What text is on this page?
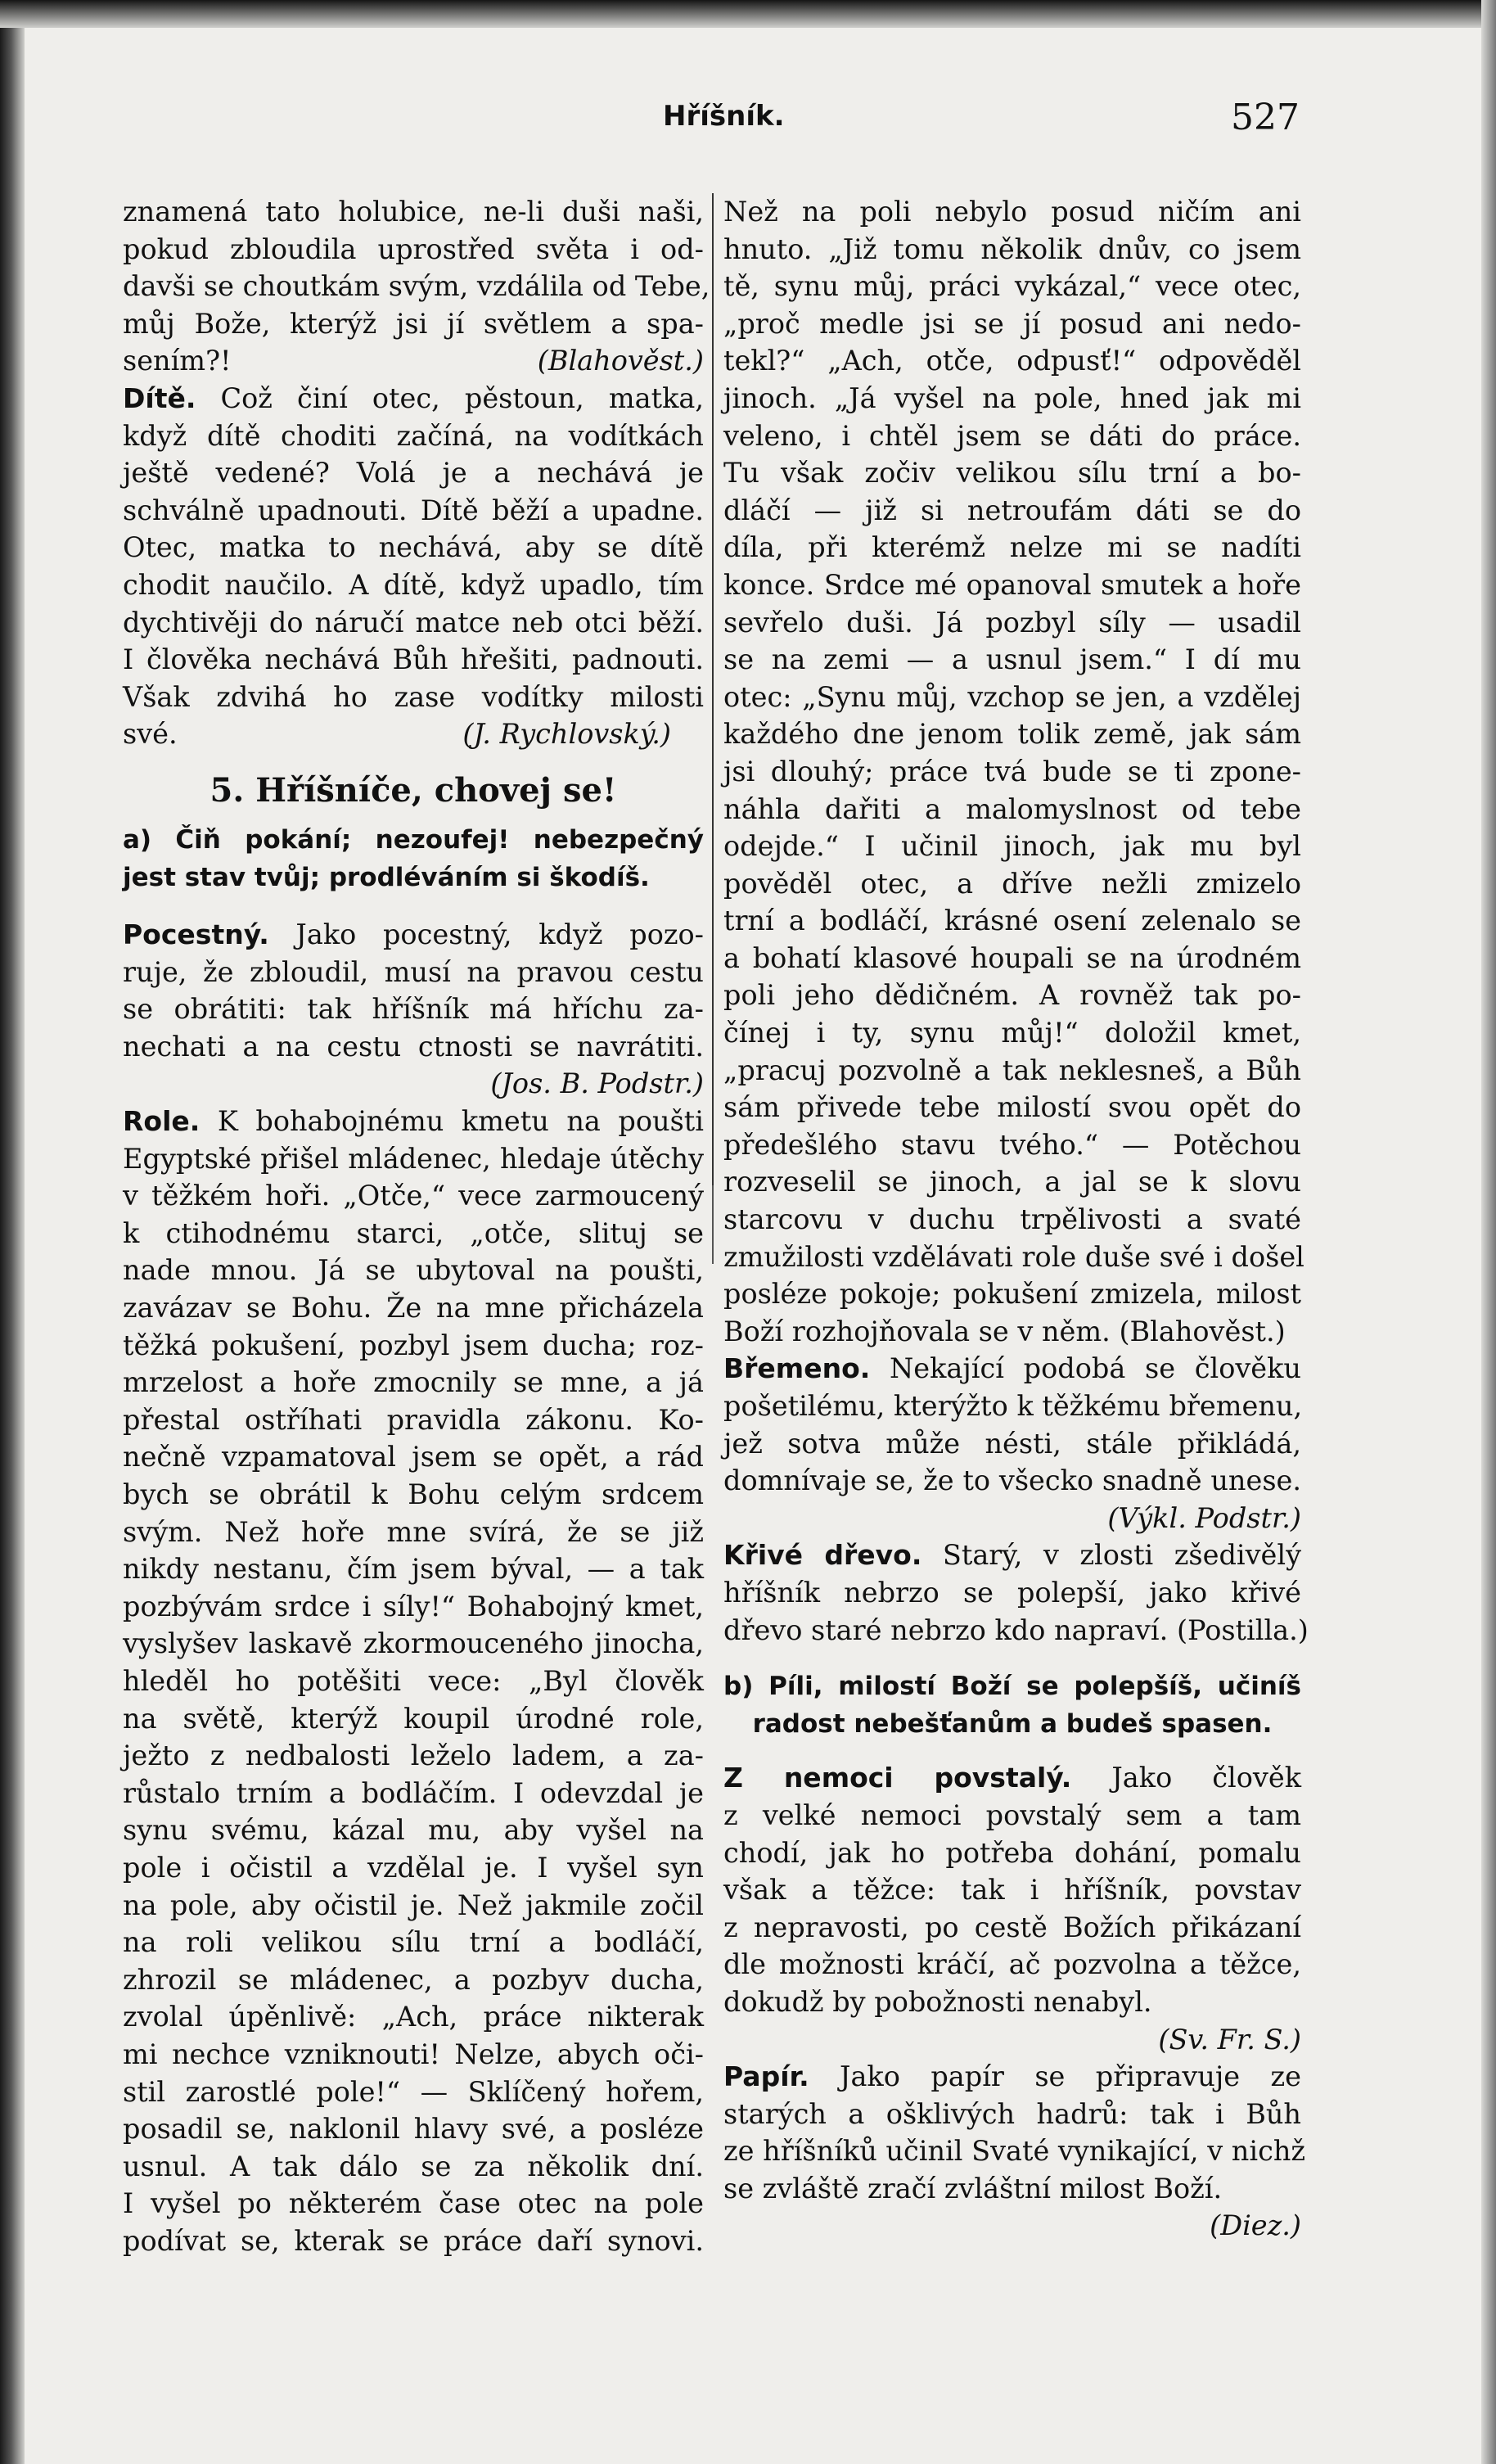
Hříšník.	527
znamená tato holubice, ne-li duši naši,
pokud zbloudila uprostřed světa i od-
davši se choutkám svým, vzdálila od Tebe,
můj Bože, kterýž jsi jí světlem a spa-
sením?!	(Blahověst.)
Dítě. Což činí otec, pěstoun, matka,
když dítě choditi začíná, na vodítkách
ještě vedené? Volá je a nechává je
schválně upadnouti. Dítě běží a upadne.
Otec, matka to nechává, aby se dítě
chodit naučilo. A dítě, když upadlo, tím
dychtivěji do náručí matce neb otci běží.
I člověka nechává Bůh hřešiti, padnouti.
Však zdvihá ho zase vodítky milosti
své.	(J. Rychlovský.)
5. Hříšníče, chovej se!
a) Čiň pokání; nezoufej! nebezpečný
jest stav tvůj; prodléváním si škodíš.
Pocestný. Jako pocestný, když pozo-
ruje, že zbloudil, musí na pravou cestu
se obrátiti: tak hříšník má hříchu za-
nechati a na cestu ctnosti se navrátiti.
(Jos. B. Podstr.)
Role. K bohabojnému kmetu na poušti
Egyptské přišel mládenec, hledaje útěchy
v těžkém hoři. „Otče,“ vece zarmoucený
k ctihodnému starci, „otče, slituj se
nade mnou. Já se ubytoval na poušti,
zavázav se Bohu. Že na mne přicházela
těžká pokušení, pozbyl jsem ducha; roz-
mrzelost a hoře zmocnily se mne, a já
přestal ostříhati pravidla zákonu. Ko-
nečně vzpamatoval jsem se opět, a rád
bych se obrátil k Bohu celým srdcem
svým. Než hoře mne svírá, že se již
nikdy nestanu, čím jsem býval, — a tak
pozbývám srdce i síly!“ Bohabojný kmet,
vyslyšev laskavě zkormouceného jinocha,
hleděl ho potěšiti vece: „Byl člověk
na světě, kterýž koupil úrodné role,
ježto z nedbalosti leželo ladem, a za-
růstalo trním a bodláčím. I odevzdal je
synu svému, kázal mu, aby vyšel na
pole i očistil a vzdělal je. I vyšel syn
na pole, aby očistil je. Než jakmile zočil
na roli velikou sílu trní a bodláčí,
zhrozil se mládenec, a pozbyv ducha,
zvolal úpěnlivě: „Ach, práce nikterak
mi nechce vzniknouti! Nelze, abych oči-
stil zarostlé pole!“ — Sklíčený hořem,
posadil se, naklonil hlavy své, a posléze
usnul. A tak dálo se za několik dní.
I vyšel po některém čase otec na pole
podívat se, kterak se práce daří synovi.
Než na poli nebylo posud ničím ani
hnuto. „Již tomu několik dnův, co jsem
tě, synu můj, práci vykázal,“ vece otec,
„proč medle jsi se jí posud ani nedo-
tekl?“ „Ach, otče, odpusť!“ odpověděl
jinoch. „Já vyšel na pole, hned jak mi
veleno, i chtěl jsem se dáti do práce.
Tu však zočiv velikou sílu trní a bo-
dláčí — již si netroufám dáti se do
díla, při kterémž nelze mi se nadíti
konce. Srdce mé opanoval smutek a hoře
sevřelo duši. Já pozbyl síly — usadil
se na zemi — a usnul jsem.“ I dí mu
otec: „Synu můj, vzchop se jen, a vzdělej
každého dne jenom tolik země, jak sám
jsi dlouhý; práce tvá bude se ti zpone-
náhla dařiti a malomyslnost od tebe
odejde.“ I učinil jinoch, jak mu byl
pověděl otec, a dříve nežli zmizelo
trní a bodláčí, krásné osení zelenalo se
a bohatí klasové houpali se na úrodném
poli jeho dědičném. A rovněž tak po-
čínej i ty, synu můj!“ doložil kmet,
„pracuj pozvolně a tak neklesneš, a Bůh
sám přivede tebe milostí svou opět do
předešlého stavu tvého.“ — Potěchou
rozveselil se jinoch, a jal se k slovu
starcovu v duchu trpělivosti a svaté
zmužilosti vzdělávati role duše své i došel
posléze pokoje; pokušení zmizela, milost
Boží rozhojňovala se v něm. (Blahověst.)
Břemeno. Nekající podobá se člověku
pošetilému, kterýžto k těžkému břemenu,
jež sotva může nésti, stále přikládá,
domnívaje se, že to všecko snadně unese.
(Výkl. Podstr.)
Křivé dřevo. Starý, v zlosti zšedivělý
hříšník nebrzo se polepší, jako křivé
dřevo staré nebrzo kdo napraví. (Postilla.)
b) Píli, milostí Boží se polepšíš, učiníš
radost nebešťanům a budeš spasen.
Z nemoci povstalý. Jako člověk
z velké nemoci povstalý sem a tam
chodí, jak ho potřeba dohání, pomalu
však a těžce: tak i hříšník, povstav
z nepravosti, po cestě Božích přikázaní
dle možnosti kráčí, ač pozvolna a těžce,
dokudž by pobožnosti nenabyl.
(Sv. Fr. S.)
Papír. Jako papír se připravuje ze
starých a ošklivých hadrů: tak i Bůh
ze hříšníků učinil Svaté vynikající, v nichž
se zvláště zračí zvláštní milost Boží.
(Diez.)
